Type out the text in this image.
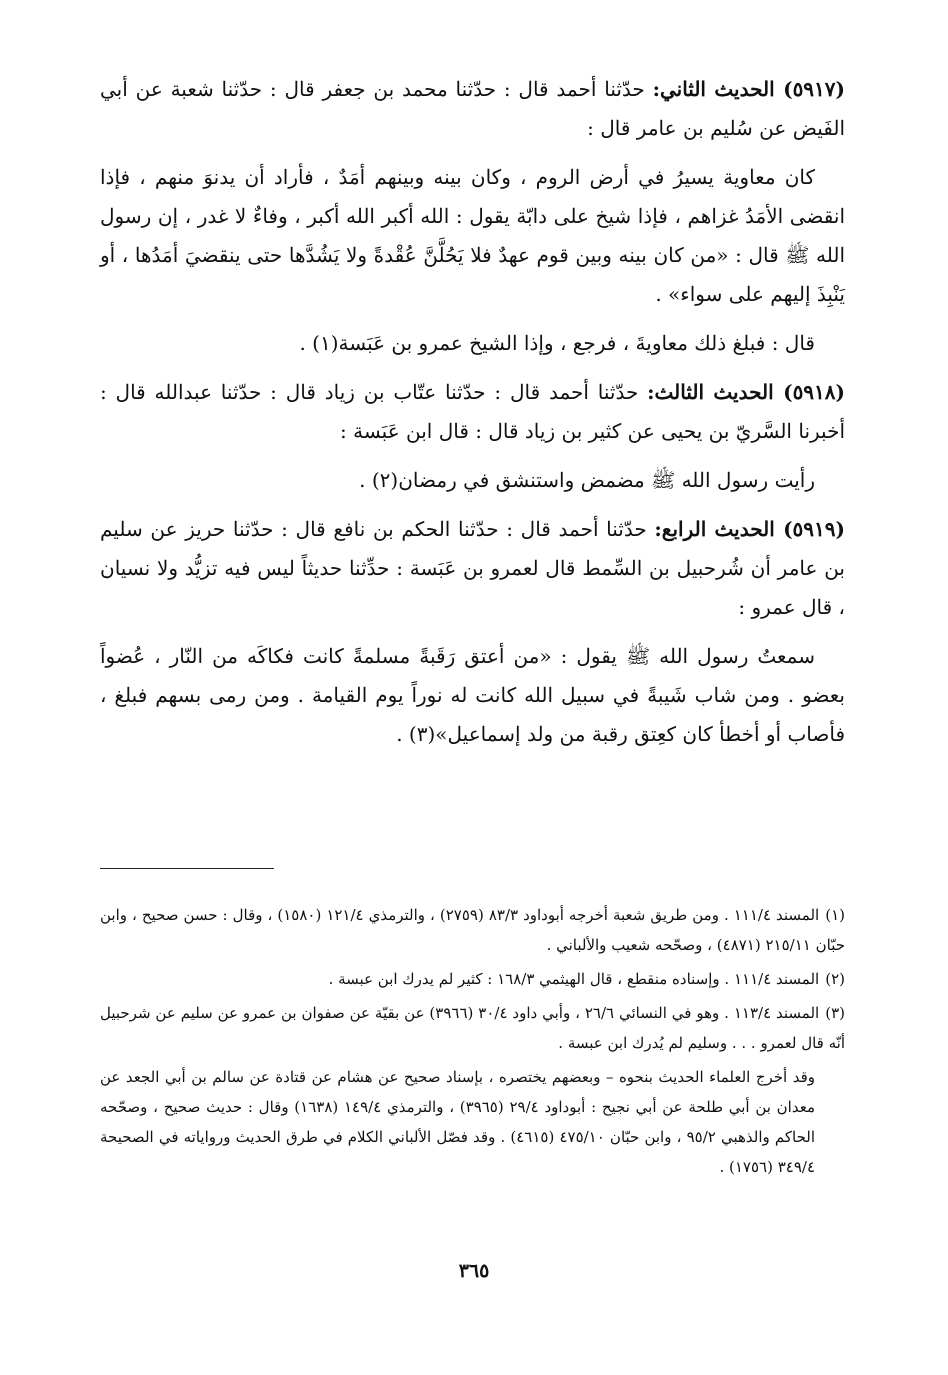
(٥٩١٧) الحديث الثاني: حدّثنا أحمد قال : حدّثنا محمد بن جعفر قال : حدّثنا شعبة عن أبي الفَيض عن سُليم بن عامر قال :

كان معاوية يسيرُ في أرض الروم ، وكان بينه وبينهم أمَدٌ ، فأراد أن يدنوَ منهم ، فإذا انقضى الأمَدُ غزاهم ، فإذا شيخ على دابّة يقول : الله أكبر الله أكبر ، وفاءٌ لا غدر ، إن رسول الله ﷺ قال : «من كان بينه وبين قوم عهدٌ فلا يَحُلَّنَّ عُقْدةً ولا يَشُدَّها حتى ينقضيَ أمَدُها ، أو يَنْبِذَ إليهم على سواء» .

قال : فبلغ ذلك معاويةَ ، فرجع ، وإذا الشيخ عمرو بن عَبَسة(١) .

(٥٩١٨) الحديث الثالث: حدّثنا أحمد قال : حدّثنا عتّاب بن زياد قال : حدّثنا عبدالله قال : أخبرنا السَّريّ بن يحيى عن كثير بن زياد قال : قال ابن عَبَسة :

رأيت رسول الله ﷺ مضمض واستنشق في رمضان(٢) .

(٥٩١٩) الحديث الرابع: حدّثنا أحمد قال : حدّثنا الحكم بن نافع قال : حدّثنا حريز عن سليم بن عامر أن شُرحبيل بن السِّمط قال لعمرو بن عَبَسة : حدِّثنا حديثاً ليس فيه تزيُّد ولا نسيان ، قال عمرو :

سمعتُ رسول الله ﷺ يقول : «من أعتق رَقَبةً مسلمةً كانت فكاكَه من النّار ، عُضواً بعضو . ومن شاب شَيبةً في سبيل الله كانت له نوراً يوم القيامة . ومن رمى بسهم فبلغ ، فأصاب أو أخطأ كان كعِتق رقبة من ولد إسماعيل»(٣) .

(١)المسند ١١١/٤ . ومن طريق شعبة أخرجه أبوداود ٨٣/٣ (٢٧٥٩) ، والترمذي ١٢١/٤ (١٥٨٠) ، وقال : حسن صحيح ، وابن حبّان ٢١٥/١١ (٤٨٧١) ، وصحّحه شعيب والألباني .

(٢)المسند ١١١/٤ . وإسناده منقطع ، قال الهيثمي ١٦٨/٣ : كثير لم يدرك ابن عبسة .

(٣)المسند ١١٣/٤ . وهو في النسائي ٢٦/٦ ، وأبي داود ٣٠/٤ (٣٩٦٦) عن بقيّة عن صفوان بن عمرو عن سليم عن شرحبيل أنّه قال لعمرو . . . وسليم لم يُدرك ابن عبسة .

وقد أخرج العلماء الحديث بنحوه – وبعضهم يختصره ، بإسناد صحيح عن هشام عن قتادة عن سالم بن أبي الجعد عن معدان بن أبي طلحة عن أبي نجيح : أبوداود ٢٩/٤ (٣٩٦٥) ، والترمذي ١٤٩/٤ (١٦٣٨) وقال : حديث صحيح ، وصحّحه الحاكم والذهبي ٩٥/٢ ، وابن حبّان ٤٧٥/١٠ (٤٦١٥) . وقد فصّل الألباني الكلام في طرق الحديث ورواياته في الصحيحة ٣٤٩/٤ (١٧٥٦) .

٣٦٥
